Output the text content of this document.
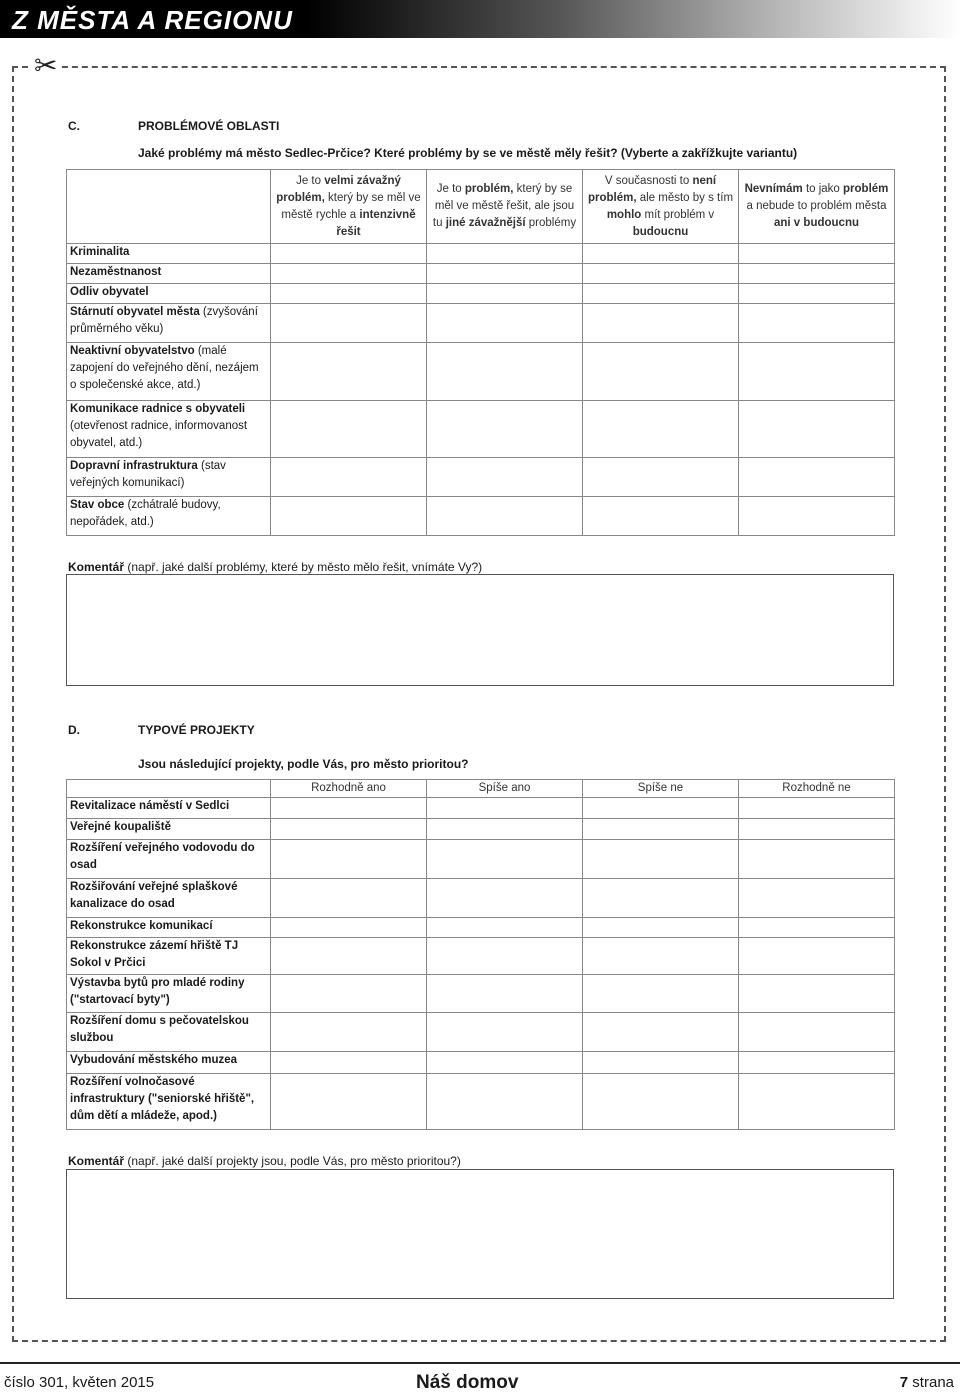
Z MĚSTA A REGIONU
✂
C.	PROBLÉMOVÉ OBLASTI
Jaké problémy má město Sedlec-Prčice? Které problémy by se ve městě měly řešit? (Vyberte a zakřížkujte variantu)
	Je to velmi závažný problém, který by se měl ve městě rychle a intenzivně řešit	Je to problém, který by se měl ve městě řešit, ale jsou tu jiné závažnější problémy	V současnosti to není problém, ale město by s tím mohlo mít problém v budoucnu	Nevnímám to jako problém a nebude to problém města ani v budoucnu
Kriminalita				
Nezaměstnanost				
Odliv obyvatel				
Stárnutí obyvatel města (zvyšování průměrného věku)				
Neaktivní obyvatelstvo (malé zapojení do veřejného dění, nezájem o společenské akce, atd.)				
Komunikace radnice s obyvateli (otevřenost radnice, informovanost obyvatel, atd.)				
Dopravní infrastruktura (stav veřejných komunikací)				
Stav obce (zchátralé budovy, nepořádek, atd.)				
Komentář (např. jaké další problémy, které by město mělo řešit, vnímáte Vy?)
D.	TYPOVÉ PROJEKTY
Jsou následující projekty, podle Vás, pro město prioritou?
	Rozhodně ano	Spíše ano	Spíše ne	Rozhodně ne
Revitalizace náměstí v Sedlci				
Veřejné koupaliště				
Rozšíření veřejného vodovodu do osad				
Rozšiřování veřejné splaškové kanalizace do osad				
Rekonstrukce komunikací				
Rekonstrukce zázemí hřiště TJ Sokol v Prčici				
Výstavba bytů pro mladé rodiny ("startovací byty")				
Rozšíření domu s pečovatelskou službou				
Vybudování městského muzea				
Rozšíření volnočasové infrastruktury ("seniorské hřiště", dům dětí a mládeže, apod.)				
Komentář (např. jaké další projekty jsou, podle Vás, pro město prioritou?)
číslo 301, květen 2015	Náš domov	7 strana
